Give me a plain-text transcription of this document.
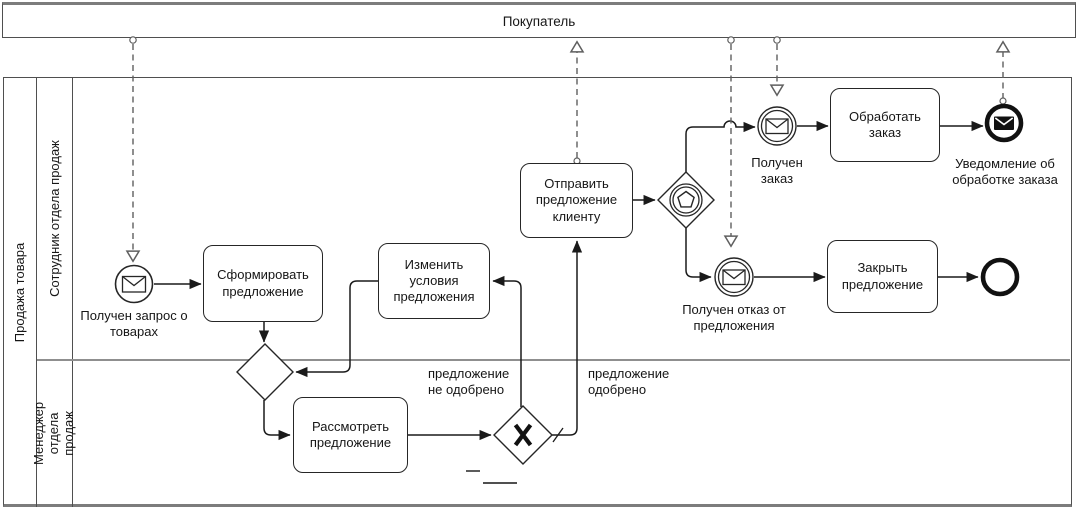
Покупатель
Продажа товара Сотрудник отдела продаж
Менеджер отдела продаж
Сформировать предложение
Изменить условия предложения
Рассмотреть предложение
Отправить предложение клиенту
Обработать заказ
Закрыть предложение
Получен запрос о товарах
Получен заказ
Получен отказ от предложения
Уведомление об обработке заказа
предложение не одобрено
предложение одобрено
